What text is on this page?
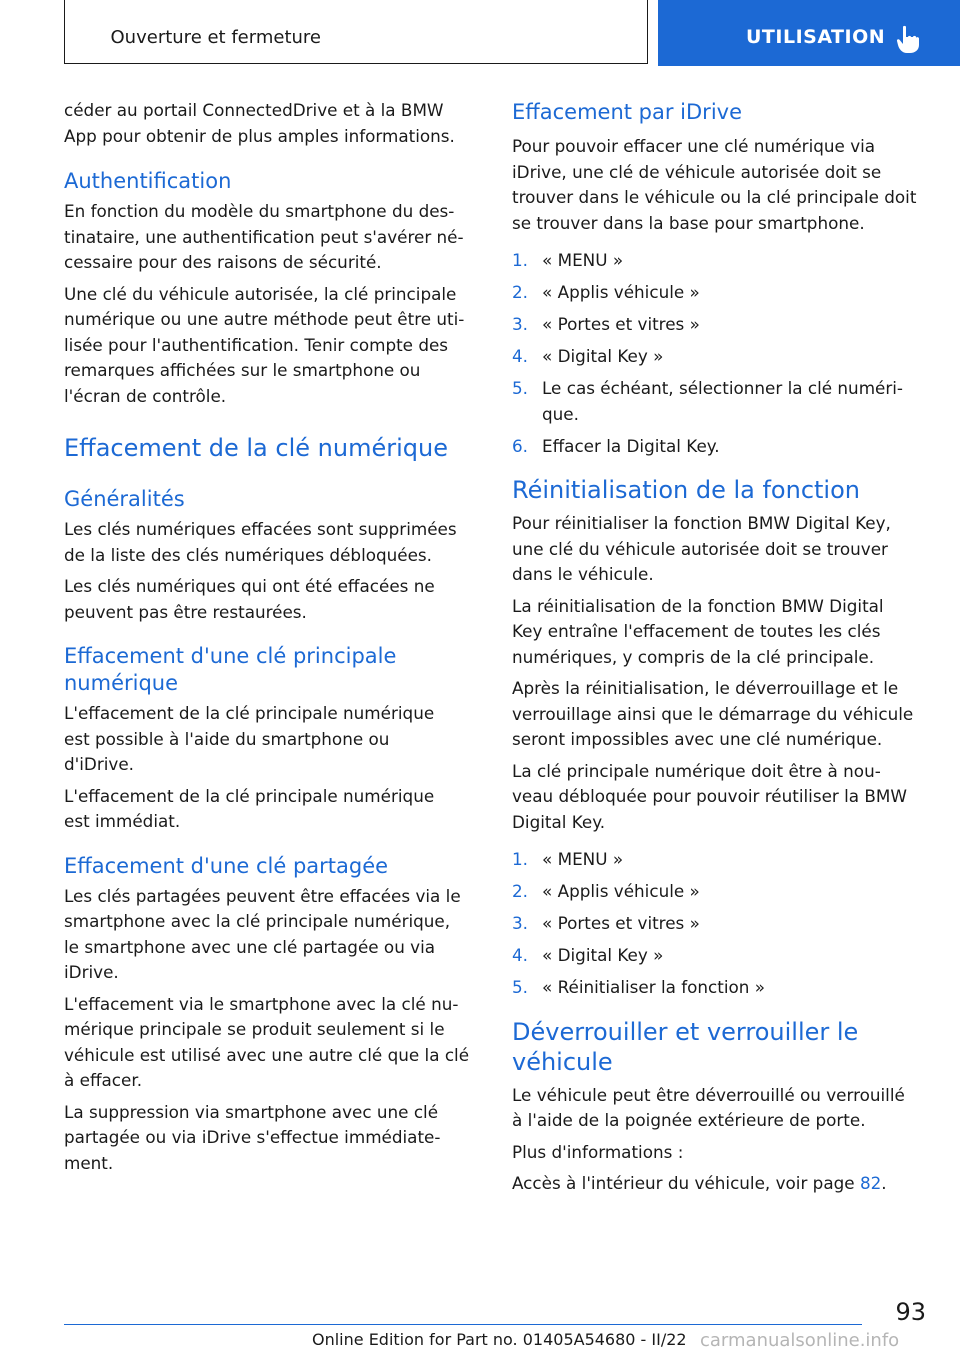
Ouverture et fermeture	UTILISATION

céder au portail ConnectedDrive et à la BMW
App pour obtenir de plus amples informations.

Authentification

En fonction du modèle du smartphone du des‐
tinataire, une authentification peut s'avérer né‐
cessaire pour des raisons de sécurité.

Une clé du véhicule autorisée, la clé principale
numérique ou une autre méthode peut être uti‐
lisée pour l'authentification. Tenir compte des
remarques affichées sur le smartphone ou
l'écran de contrôle.

Effacement de la clé numérique
Généralités

Les clés numériques effacées sont supprimées
de la liste des clés numériques débloquées.

Les clés numériques qui ont été effacées ne
peuvent pas être restaurées.

Effacement d'une clé principale
numérique

L'effacement de la clé principale numérique
est possible à l'aide du smartphone ou
d'iDrive.

L'effacement de la clé principale numérique
est immédiat.

Effacement d'une clé partagée

Les clés partagées peuvent être effacées via le
smartphone avec la clé principale numérique,
le smartphone avec une clé partagée ou via
iDrive.

L'effacement via le smartphone avec la clé nu‐
mérique principale se produit seulement si le
véhicule est utilisé avec une autre clé que la clé
à effacer.

La suppression via smartphone avec une clé
partagée ou via iDrive s'effectue immédiate‐
ment.

Effacement par iDrive

Pour pouvoir effacer une clé numérique via
iDrive, une clé de véhicule autorisée doit se
trouver dans le véhicule ou la clé principale doit
se trouver dans la base pour smartphone.

1. « MENU »
2. « Applis véhicule »
3. « Portes et vitres »
4. « Digital Key »
5. Le cas échéant, sélectionner la clé numéri‐
que.
6. Effacer la Digital Key.
Réinitialisation de la fonction

Pour réinitialiser la fonction BMW Digital Key,
une clé du véhicule autorisée doit se trouver
dans le véhicule.

La réinitialisation de la fonction BMW Digital
Key entraîne l'effacement de toutes les clés
numériques, y compris de la clé principale.

Après la réinitialisation, le déverrouillage et le
verrouillage ainsi que le démarrage du véhicule
seront impossibles avec une clé numérique.

La clé principale numérique doit être à nou‐
veau débloquée pour pouvoir réutiliser la BMW
Digital Key.

1. « MENU »
2. « Applis véhicule »
3. « Portes et vitres »
4. « Digital Key »
5. « Réinitialiser la fonction »
Déverrouiller et verrouiller le
véhicule

Le véhicule peut être déverrouillé ou verrouillé
à l'aide de la poignée extérieure de porte.

Plus d'informations :

Accès à l'intérieur du véhicule, voir page 82.

93
Online Edition for Part no. 01405A54680 - II/22 carmanualsonline.info
